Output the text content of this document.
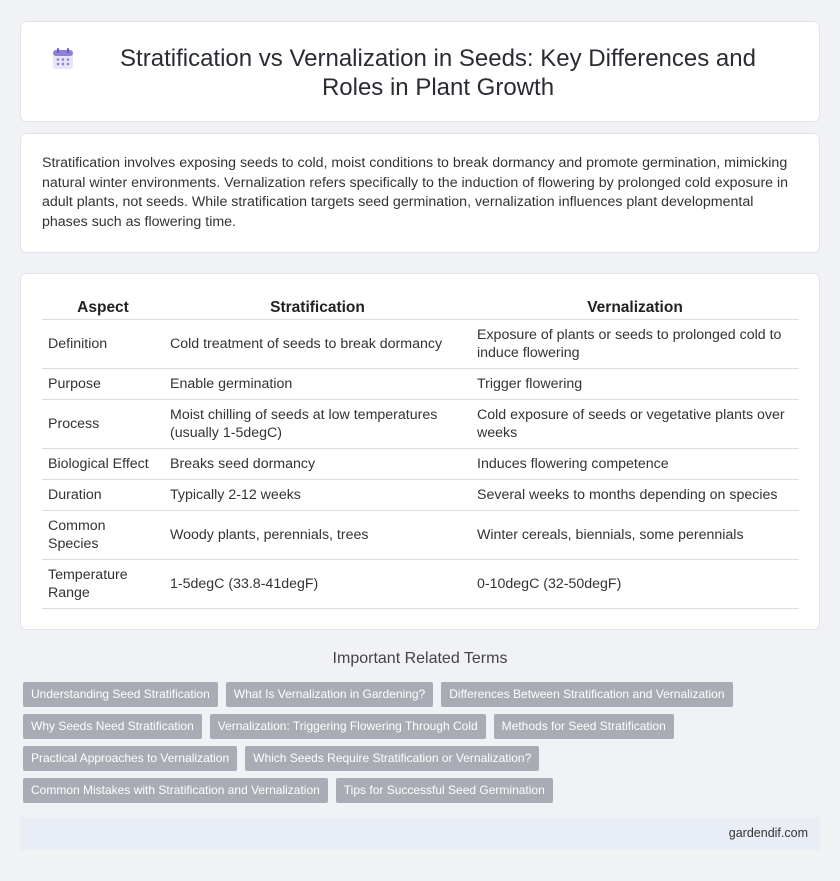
Stratification vs Vernalization in Seeds: Key Differences and Roles in Plant Growth

Stratification involves exposing seeds to cold, moist conditions to break dormancy and promote germination, mimicking natural winter environments. Vernalization refers specifically to the induction of flowering by prolonged cold exposure in adult plants, not seeds. While stratification targets seed germination, vernalization influences plant developmental phases such as flowering time.

Aspect	Stratification	Vernalization
Definition	Cold treatment of seeds to break dormancy	Exposure of plants or seeds to prolonged cold to induce flowering
Purpose	Enable germination	Trigger flowering
Process	Moist chilling of seeds at low temperatures (usually 1-5degC)	Cold exposure of seeds or vegetative plants over weeks
Biological Effect	Breaks seed dormancy	Induces flowering competence
Duration	Typically 2-12 weeks	Several weeks to months depending on species
Common Species	Woody plants, perennials, trees	Winter cereals, biennials, some perennials
Temperature Range	1-5degC (33.8-41degF)	0-10degC (32-50degF)
Important Related Terms
Understanding Seed Stratification	What Is Vernalization in Gardening?	Differences Between Stratification and Vernalization
Why Seeds Need Stratification	Vernalization: Triggering Flowering Through Cold	Methods for Seed Stratification
Practical Approaches to Vernalization	Which Seeds Require Stratification or Vernalization?
Common Mistakes with Stratification and Vernalization	Tips for Successful Seed Germination
gardendif.com
